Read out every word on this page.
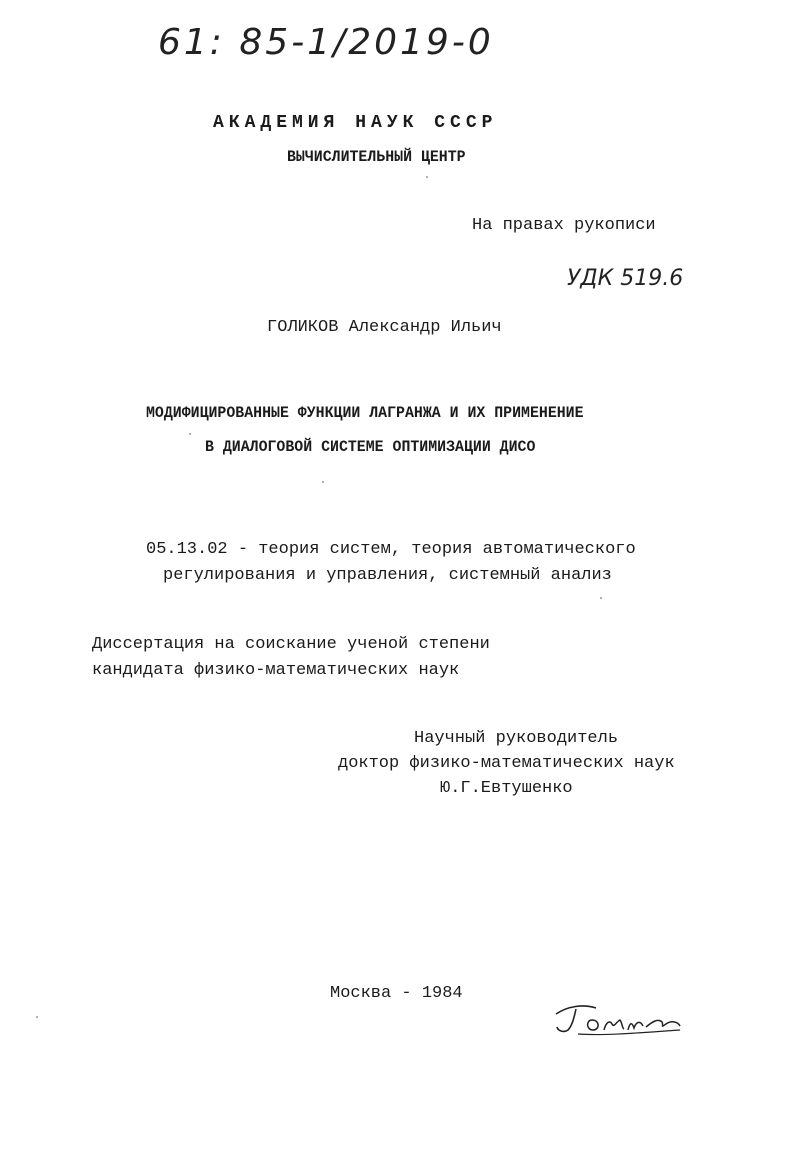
61: 85-1/2019-0
АКАДЕМИЯ НАУК СССР
ВЫЧИСЛИТЕЛЬНЫЙ ЦЕНТР
На правах рукописи
УДК 519.6
ГОЛИКОВ Александр Ильич
МОДИФИЦИРОВАННЫЕ ФУНКЦИИ ЛАГРАНЖА И ИХ ПРИМЕНЕНИЕ
В ДИАЛОГОВОЙ СИСТЕМЕ ОПТИМИЗАЦИИ ДИСО
05.13.02 - теория систем, теория автоматического
регулирования и управления, системный анализ
Диссертация на соискание ученой степени
кандидата физико-математических наук
Научный руководитель
доктор физико-математических наук
Ю.Г.Евтушенко
Москва - 1984
